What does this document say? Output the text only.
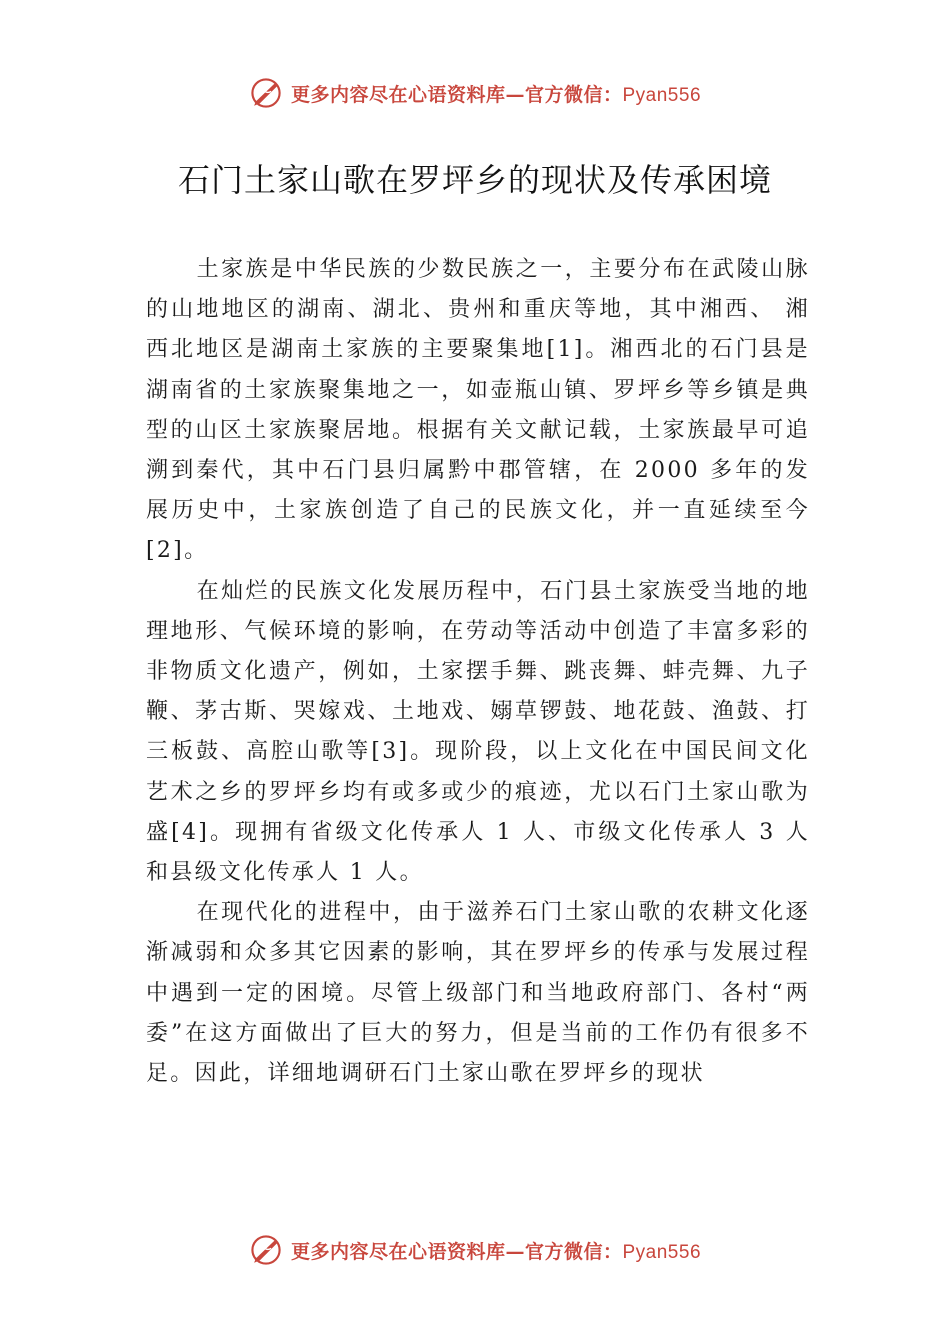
更多内容尽在心语资料库—官方微信：Pyan556
石门土家山歌在罗坪乡的现状及传承困境

土家族是中华民族的少数民族之一，主要分布在武陵山脉的山地地区的湖南、湖北、贵州和重庆等地，其中湘西、 湘西北地区是湖南土家族的主要聚集地[1]。湘西北的石门县是湖南省的土家族聚集地之一，如壶瓶山镇、罗坪乡等乡镇是典型的山区土家族聚居地。根据有关文献记载，土家族最早可追溯到秦代，其中石门县归属黔中郡管辖，在 2000 多年的发展历史中，土家族创造了自己的民族文化，并一直延续至今[2]。

在灿烂的民族文化发展历程中，石门县土家族受当地的地理地形、气候环境的影响，在劳动等活动中创造了丰富多彩的非物质文化遗产，例如，土家摆手舞、跳丧舞、蚌壳舞、九子鞭、茅古斯、哭嫁戏、土地戏、嫋草锣鼓、地花鼓、渔鼓、打三板鼓、高腔山歌等[3]。现阶段，以上文化在中国民间文化艺术之乡的罗坪乡均有或多或少的痕迹，尤以石门土家山歌为盛[4]。现拥有省级文化传承人 1 人、市级文化传承人 3 人和县级文化传承人 1 人。

在现代化的进程中，由于滋养石门土家山歌的农耕文化逐渐减弱和众多其它因素的影响，其在罗坪乡的传承与发展过程中遇到一定的困境。尽管上级部门和当地政府部门、各村“两委”在这方面做出了巨大的努力，但是当前的工作仍有很多不足。因此，详细地调研石门土家山歌在罗坪乡的现状

更多内容尽在心语资料库—官方微信：Pyan556
